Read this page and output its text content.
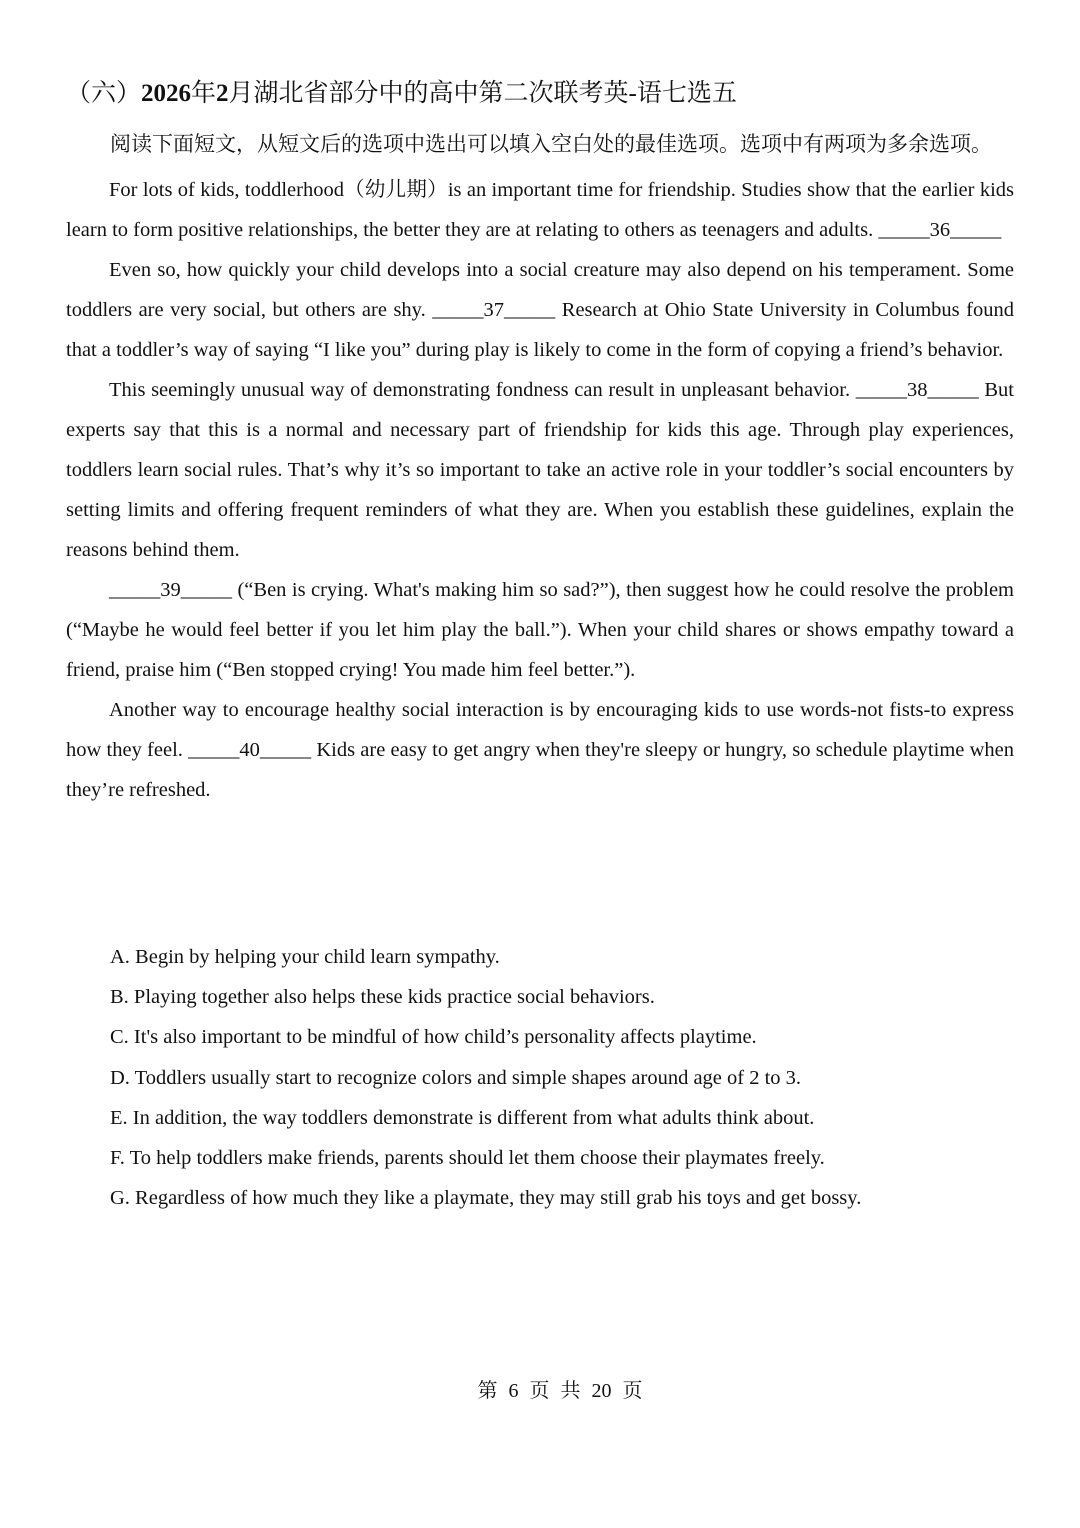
（六）2026年2月湖北省部分中的高中第二次联考英-语七选五
阅读下面短文，从短文后的选项中选出可以填入空白处的最佳选项。选项中有两项为多余选项。

For lots of kids, toddlerhood（幼儿期）is an important time for friendship. Studies show that the earlier kids learn to form positive relationships, the better they are at relating to others as teenagers and adults. _____36_____

Even so, how quickly your child develops into a social creature may also depend on his temperament. Some toddlers are very social, but others are shy. _____37_____ Research at Ohio State University in Columbus found that a toddler’s way of saying “I like you” during play is likely to come in the form of copying a friend’s behavior.

This seemingly unusual way of demonstrating fondness can result in unpleasant behavior. _____38_____ But experts say that this is a normal and necessary part of friendship for kids this age. Through play experiences, toddlers learn social rules. That’s why it’s so important to take an active role in your toddler’s social encounters by setting limits and offering frequent reminders of what they are. When you establish these guidelines, explain the reasons behind them.

_____39_____ (“Ben is crying. What's making him so sad?”), then suggest how he could resolve the problem (“Maybe he would feel better if you let him play the ball.”). When your child shares or shows empathy toward a friend, praise him (“Ben stopped crying! You made him feel better.”).

Another way to encourage healthy social interaction is by encouraging kids to use words-not fists-to express how they feel. _____40_____ Kids are easy to get angry when they're sleepy or hungry, so schedule playtime when they’re refreshed.

A. Begin by helping your child learn sympathy.
B. Playing together also helps these kids practice social behaviors.
C. It's also important to be mindful of how child’s personality affects playtime.
D. Toddlers usually start to recognize colors and simple shapes around age of 2 to 3.
E. In addition, the way toddlers demonstrate is different from what adults think about.
F. To help toddlers make friends, parents should let them choose their playmates freely.
G. Regardless of how much they like a playmate, they may still grab his toys and get bossy.
第 6 页 共 20 页
